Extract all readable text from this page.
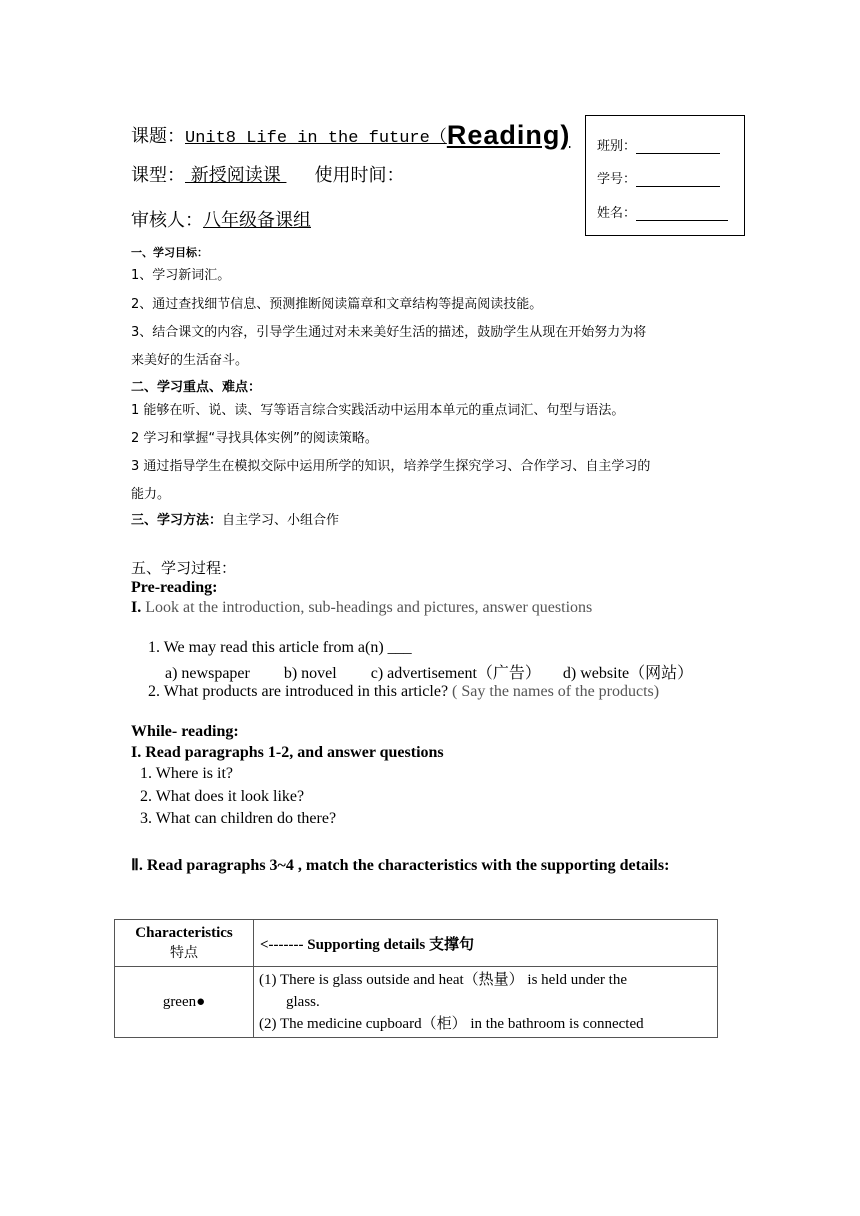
课题：Unit8 Life in the future（Reading)
课型： 新授阅读课 使用时间：
审核人：八年级备课组
班别：
学号：
姓名：
一、学习目标：
1、学习新词汇。
2、通过查找细节信息、预测推断阅读篇章和文章结构等提高阅读技能。
3、结合课文的内容，引导学生通过对未来美好生活的描述，鼓励学生从现在开始努力为将
来美好的生活奋斗。
二、学习重点、难点：
1 能够在听、说、读、写等语言综合实践活动中运用本单元的重点词汇、句型与语法。
2 学习和掌握“寻找具体实例”的阅读策略。
3 通过指导学生在模拟交际中运用所学的知识，培养学生探究学习、合作学习、自主学习的
能力。
三、学习方法：自主学习、小组合作
五、学习过程：
Pre-reading:
I. Look at the introduction, sub-headings and pictures, answer questions
1. We may read this article from a(n) ___
a) newspaper b) novel c) advertisement（广告） d) website（网站）
2. What products are introduced in this article? ( Say the names of the products)
While- reading:
I. Read paragraphs 1-2, and answer questions
1. Where is it?
2. What does it look like?
3. What can children do there?
Ⅱ. Read paragraphs 3~4 , match the characteristics with the supporting details:
Characteristics
特点	<------- Supporting details 支撑句
green●	(1) There is glass outside and heat（热量） is held under the
glass.
(2) The medicine cupboard（柜） in the bathroom is connected
